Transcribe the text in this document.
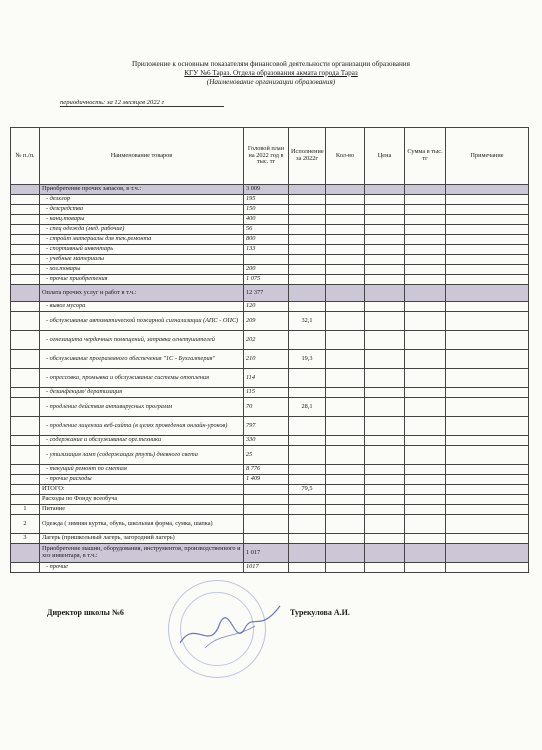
Приложение к основным показателям финансовой деятельности организации образования
КГУ №6 Тараз. Отдела образования акмата города Тараз
(Наименование организации образования)
периодичность: за 12 месяцев 2022 г
№ п./п.	Наименование товаров	Головой план на 2022 год в тыс. тг	Исполнение за 2022г	Кол-во	Цена	Сумма в тыс. тг	Примечание
	Приобретение прочих запасов, в т.ч.:	3 009					
	- дезхлор	195					
	- дезсредства	150					
	- канц.товары	400					
	- спец одежда (мед. рабочие)	56					
	- стройт материалы для тек.ремонта	800					
	- спортивный инвентарь	133					
	- учебные материалы						
	- хоз.товары	200					
	- прочие приобретения	1 075					
	Оплата прочих услуг и работ в т.ч.:	12 377					
	- вывоз мусора	120					
	- обслуживание автоматической пожарной сигнализации (АПС - ОПС)	209	32,1				
	- огнезащита чердачных помещений, заправка огнетушителей	202					
	- обслуживание программного обеспечения "1С - Бухгалтерия"	210	19,3				
	- опрессовка, промывка и обслуживание системы отопления	114					
	- дезинфекция/ дератизация	115					
	- продление действия антивирусных программ	70	28,1				
	- продление лицензии веб-сайта (в целях проведения онлайн-уроков)	797					
	- содержание и обслуживание орг.техники	330					
	- утилизация ламп (содержащих ртуть) дневного света	25					
	- текущий ремонт по сметам	8 776					
	- прочие расходы	1 409					
	ИТОГО:		79,5				
	Расходы по Фонду всеобуча						
1	Питание						
2	Одежда ( зимняя куртка, обувь, школьная форма, сумка, шапка)						
3	Лагерь (пришкольный лагерь, загородний лагерь)						
	Приобретение машин, оборудования, инструментов, производственного и хоз инвентаря, в т.ч.:	1 017					
	- прочие	1017					
Директор школы №6	Турекулова А.И.
